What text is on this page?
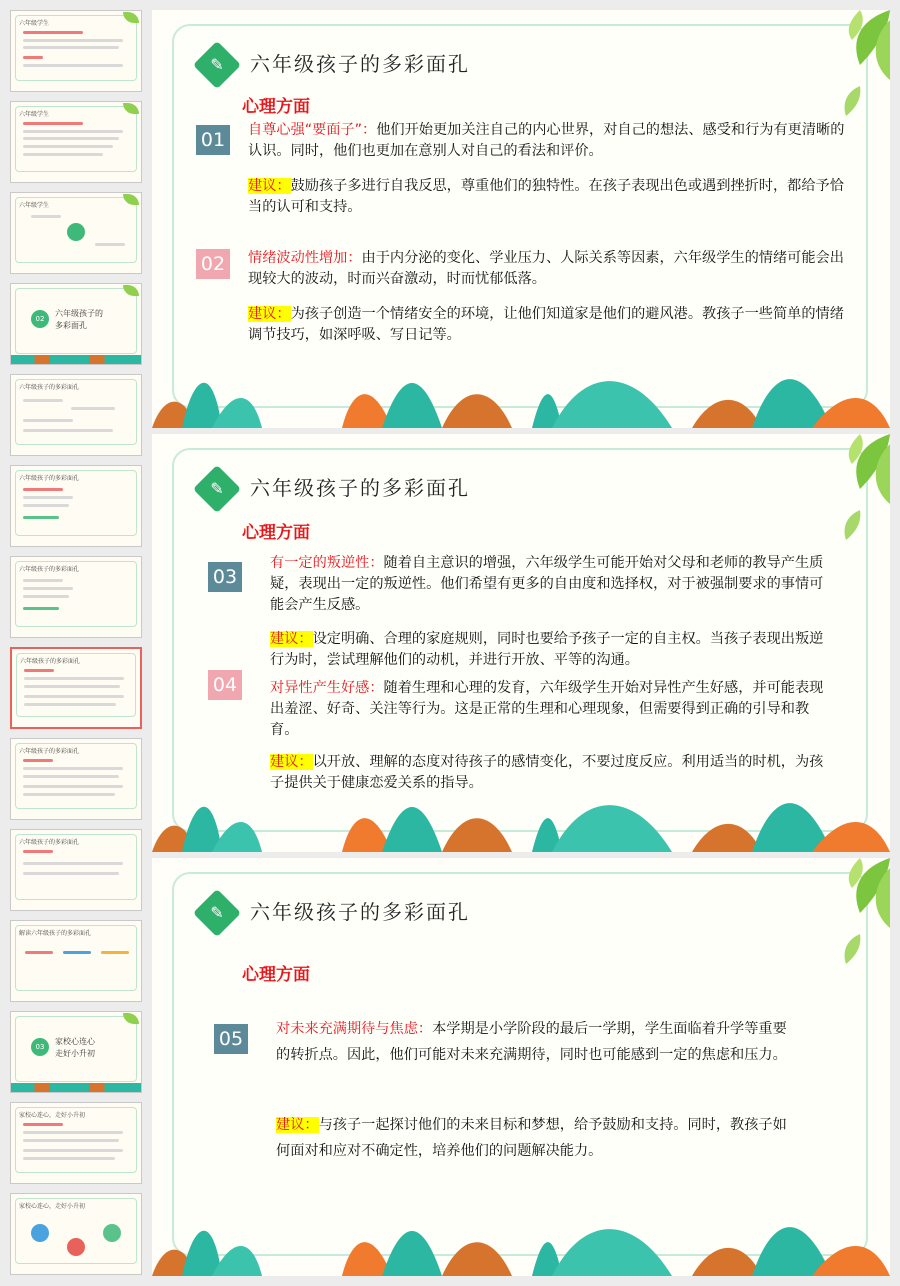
六年级学生
六年级学生
六年级学生
02
六年级孩子的
多彩面孔
六年级孩子的多彩面孔
六年级孩子的多彩面孔
六年级孩子的多彩面孔
六年级孩子的多彩面孔
六年级孩子的多彩面孔
六年级孩子的多彩面孔
解读六年级孩子的多彩面孔
03
家校心连心
走好小升初
家校心连心，走好小升初
家校心连心，走好小升初
✎ 六年级孩子的多彩面孔
心理方面
01	自尊心强“要面子”：他们开始更加关注自己的内心世界，对自己的想法、感受和行为有更清晰的认识。同时，他们也更加在意别人对自己的看法和评价。
建议：鼓励孩子多进行自我反思，尊重他们的独特性。在孩子表现出色或遇到挫折时，都给予恰当的认可和支持。
02	情绪波动性增加：由于内分泌的变化、学业压力、人际关系等因素，六年级学生的情绪可能会出现较大的波动，时而兴奋激动，时而忧郁低落。
建议：为孩子创造一个情绪安全的环境，让他们知道家是他们的避风港。教孩子一些简单的情绪调节技巧，如深呼吸、写日记等。
✎ 六年级孩子的多彩面孔
心理方面
03
有一定的叛逆性：随着自主意识的增强，六年级学生可能开始对父母和老师的教导产生质疑，表现出一定的叛逆性。他们希望有更多的自由度和选择权，对于被强制要求的事情可能会产生反感。
建议：设定明确、合理的家庭规则，同时也要给予孩子一定的自主权。当孩子表现出叛逆行为时，尝试理解他们的动机，并进行开放、平等的沟通。
04	对异性产生好感：随着生理和心理的发育，六年级学生开始对异性产生好感，并可能表现出羞涩、好奇、关注等行为。这是正常的生理和心理现象，但需要得到正确的引导和教育。
建议：以开放、理解的态度对待孩子的感情变化，不要过度反应。利用适当的时机，为孩子提供关于健康恋爱关系的指导。
✎ 六年级孩子的多彩面孔
心理方面
05	对未来充满期待与焦虑：本学期是小学阶段的最后一学期，学生面临着升学等重要的转折点。因此，他们可能对未来充满期待，同时也可能感到一定的焦虑和压力。
建议：与孩子一起探讨他们的未来目标和梦想，给予鼓励和支持。同时，教孩子如何面对和应对不确定性，培养他们的问题解决能力。
